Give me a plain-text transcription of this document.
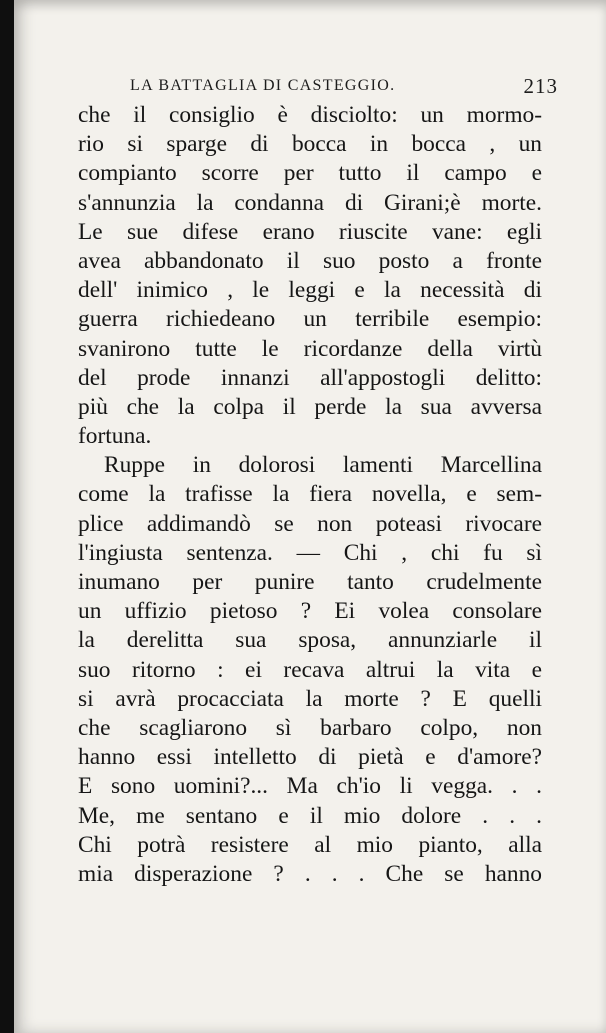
LA BATTAGLIA DI CASTEGGIO.	213
che il consiglio è disciolto: un mormo-
rio si sparge di bocca in bocca , un
compianto scorre per tutto il campo e
s'annunzia la condanna di Girani;è morte.
Le sue difese erano riuscite vane: egli
avea abbandonato il suo posto a fronte
dell' inimico , le leggi e la necessità di
guerra richiedeano un terribile esempio:
svanirono tutte le ricordanze della virtù
del prode innanzi all'appostogli delitto:
più che la colpa il perde la sua avversa
fortuna.
Ruppe in dolorosi lamenti Marcellina
come la trafisse la fiera novella, e sem-
plice addimandò se non poteasi rivocare
l'ingiusta sentenza. — Chi , chi fu sì
inumano per punire tanto crudelmente
un uffizio pietoso ? Ei volea consolare
la derelitta sua sposa, annunziarle il
suo ritorno : ei recava altrui la vita e
si avrà procacciata la morte ? E quelli
che scagliarono sì barbaro colpo, non
hanno essi intelletto di pietà e d'amore?
E sono uomini?... Ma ch'io li vegga. . .
Me, me sentano e il mio dolore . . .
Chi potrà resistere al mio pianto, alla
mia disperazione ? . . . Che se hanno
